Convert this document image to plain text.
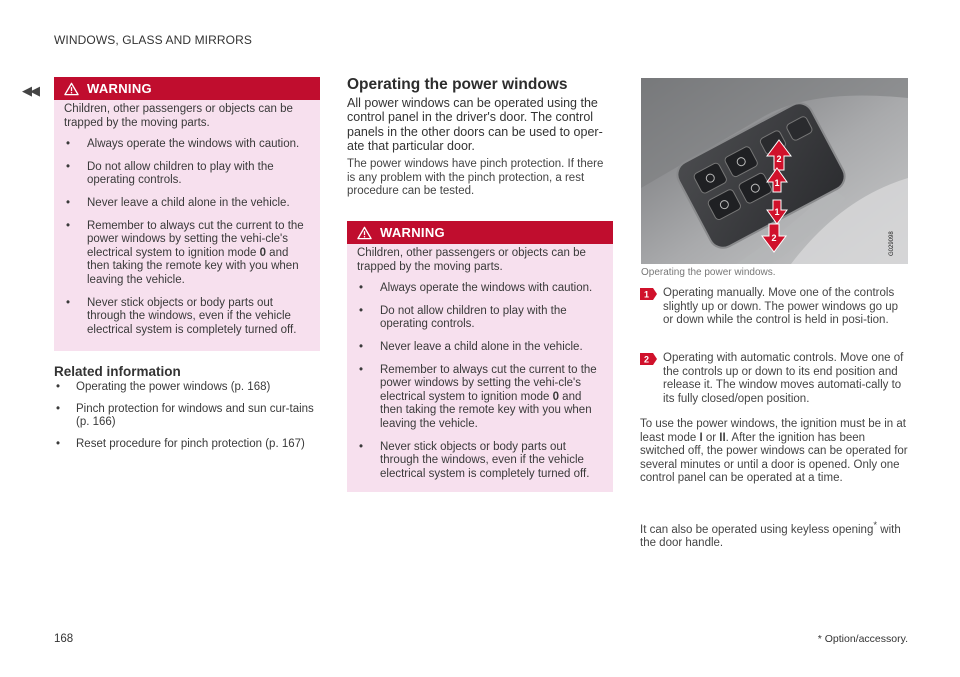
WINDOWS, GLASS AND MIRRORS
◀◀	WARNING

Children, other passengers or objects can be trapped by the moving parts.

• Always operate the windows with caution.
• Do not allow children to play with the operating controls.
• Never leave a child alone in the vehicle.
• Remember to always cut the current to the power windows by setting the vehi-cle's electrical system to ignition mode 0 and then taking the remote key with you when leaving the vehicle.
• Never stick objects or body parts out through the windows, even if the vehicle electrical system is completely turned off.
Related information
• Operating the power windows (p. 168)
• Pinch protection for windows and sun cur-tains (p. 166)
• Reset procedure for pinch protection (p. 167)
Operating the power windows
All power windows can be operated using the control panel in the driver's door. The control panels in the other doors can be used to oper-ate that particular door.
The power windows have pinch protection. If there is any problem with the pinch protection, a rest procedure can be tested.
WARNING

Children, other passengers or objects can be trapped by the moving parts.

• Always operate the windows with caution.
• Do not allow children to play with the operating controls.
• Never leave a child alone in the vehicle.
• Remember to always cut the current to the power windows by setting the vehi-cle's electrical system to ignition mode 0 and then taking the remote key with you when leaving the vehicle.
• Never stick objects or body parts out through the windows, even if the vehicle electrical system is completely turned off.
2
1
1
2	G029098
Operating the power windows.
1	Operating manually. Move one of the controls slightly up or down. The power windows go up or down while the control is held in posi-tion.
2	Operating with automatic controls. Move one of the controls up or down to its end position and release it. The window moves automati-cally to its fully closed/open position.
To use the power windows, the ignition must be in at least mode I or II. After the ignition has been switched off, the power windows can be operated for several minutes or until a door is opened. Only one control panel can be operated at a time.
It can also be operated using keyless opening* with the door handle.
168	* Option/accessory.
